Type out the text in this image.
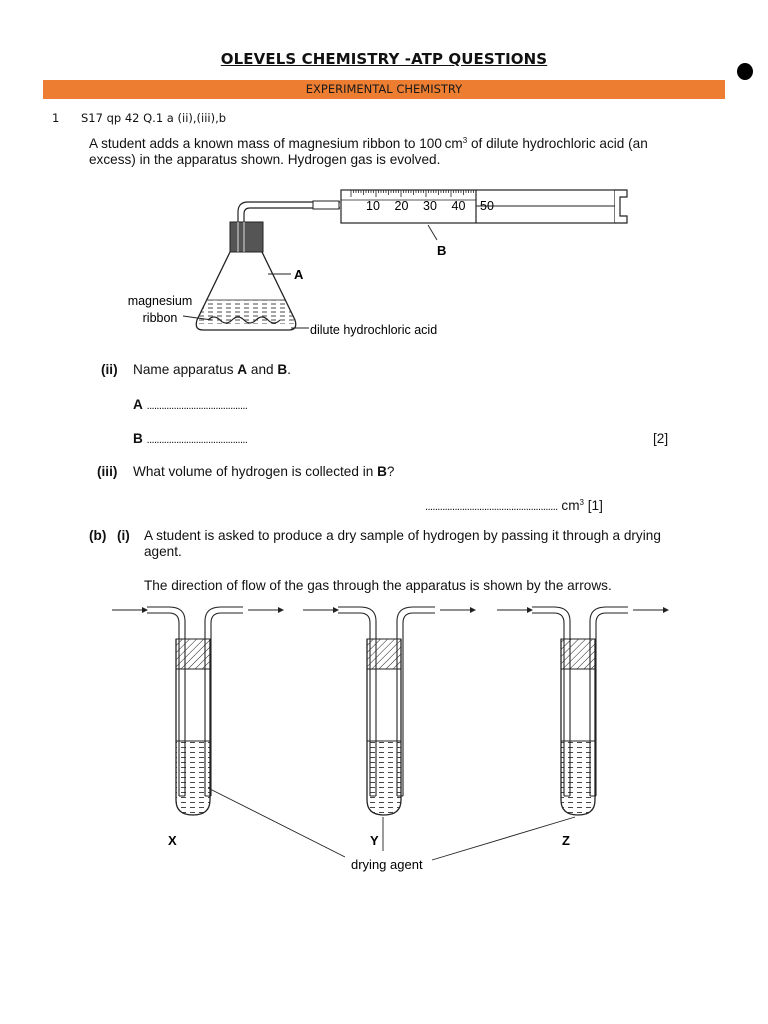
OLEVELS CHEMISTRY -ATP QUESTIONS
EXPERIMENTAL CHEMISTRY
1 S17 qp 42 Q.1 a (ii),(iii),b
A student adds a known mass of magnesium ribbon to 100 $cm^3$ of dilute hydrochloric acid (an
excess) in the apparatus shown. Hydrogen gas is evolved.
10 20 30 40 50
B
A
magnesium
ribbon
dilute hydrochloric acid
(ii) Name apparatus A and B.
A .........................................
B .........................................	[2]
(iii) What volume of hydrogen is collected in B?
...................................................... $cm^3$ [1]
(b) (i) A student is asked to produce a dry sample of hydrogen by passing it through a drying
agent.
The direction of flow of the gas through the apparatus is shown by the arrows.
X	Y	Z
drying agent
